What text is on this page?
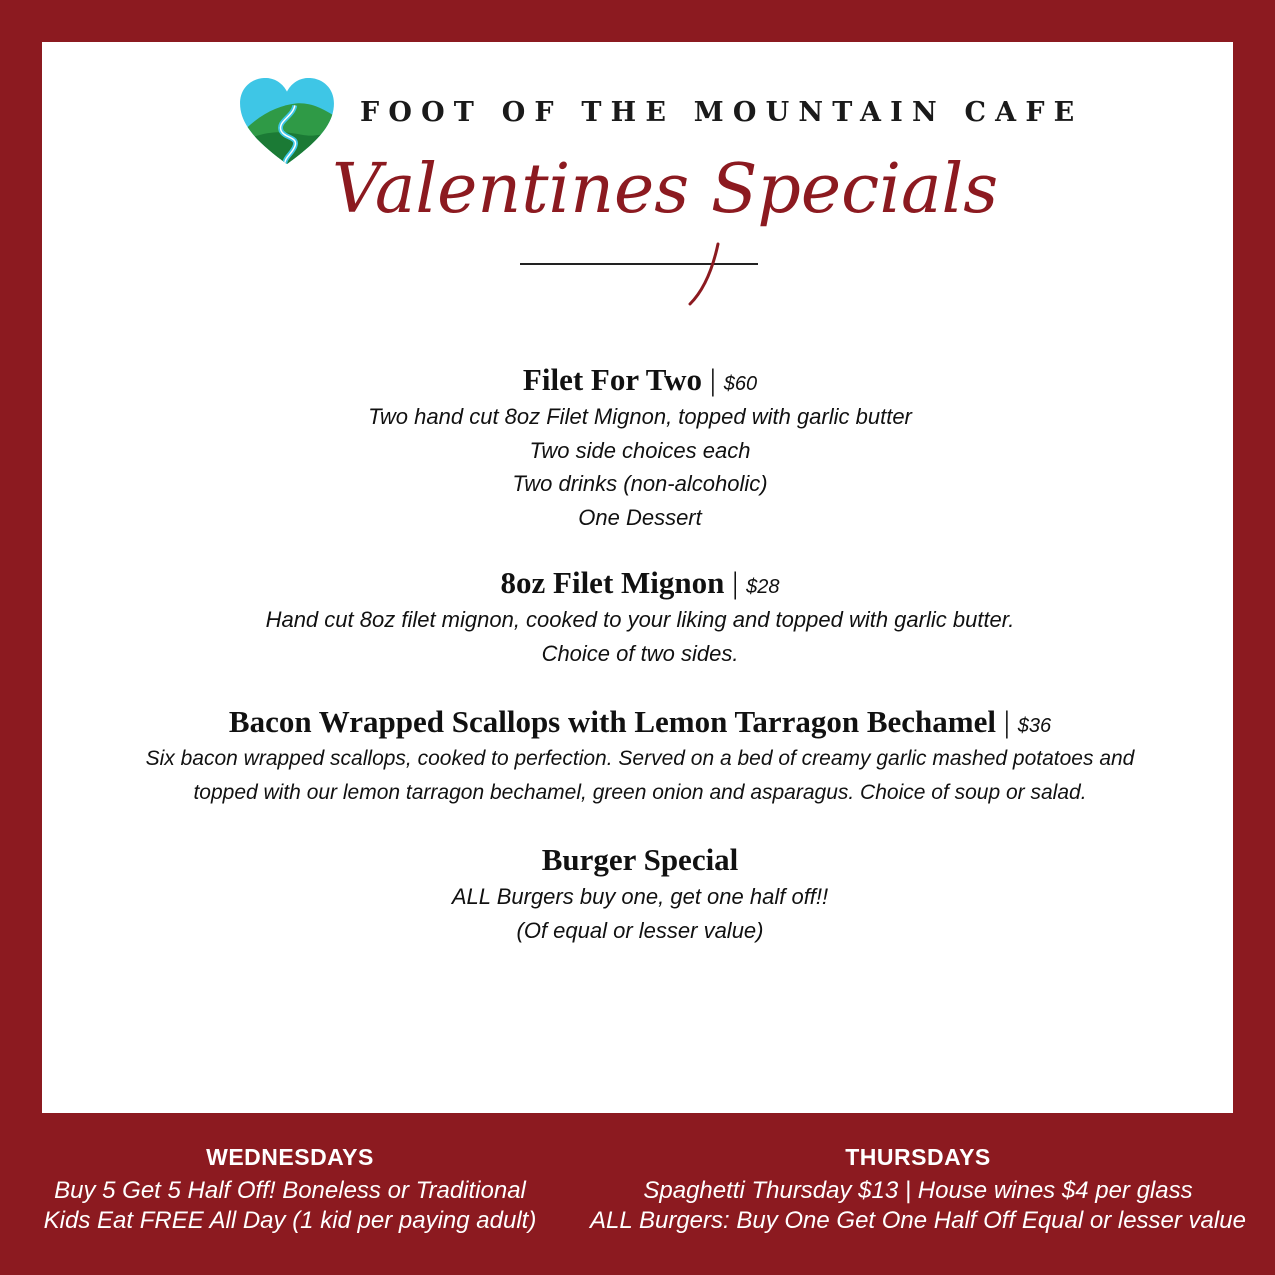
FOOT OF THE MOUNTAIN CAFE
Valentines Specials
Filet For Two | $60
Two hand cut 8oz Filet Mignon, topped with garlic butter
Two side choices each
Two drinks (non-alcoholic)
One Dessert
8oz Filet Mignon | $28
Hand cut 8oz filet mignon, cooked to your liking and topped with garlic butter.
Choice of two sides.
Bacon Wrapped Scallops with Lemon Tarragon Bechamel | $36
Six bacon wrapped scallops, cooked to perfection. Served on a bed of creamy garlic mashed potatoes and
topped with our lemon tarragon bechamel, green onion and asparagus. Choice of soup or salad.
Burger Special
ALL Burgers buy one, get one half off!!
(Of equal or lesser value)
WEDNESDAYS
Buy 5 Get 5 Half Off! Boneless or Traditional
Kids Eat FREE All Day (1 kid per paying adult)
THURSDAYS
Spaghetti Thursday $13 | House wines $4 per glass
ALL Burgers: Buy One Get One Half Off Equal or lesser value
